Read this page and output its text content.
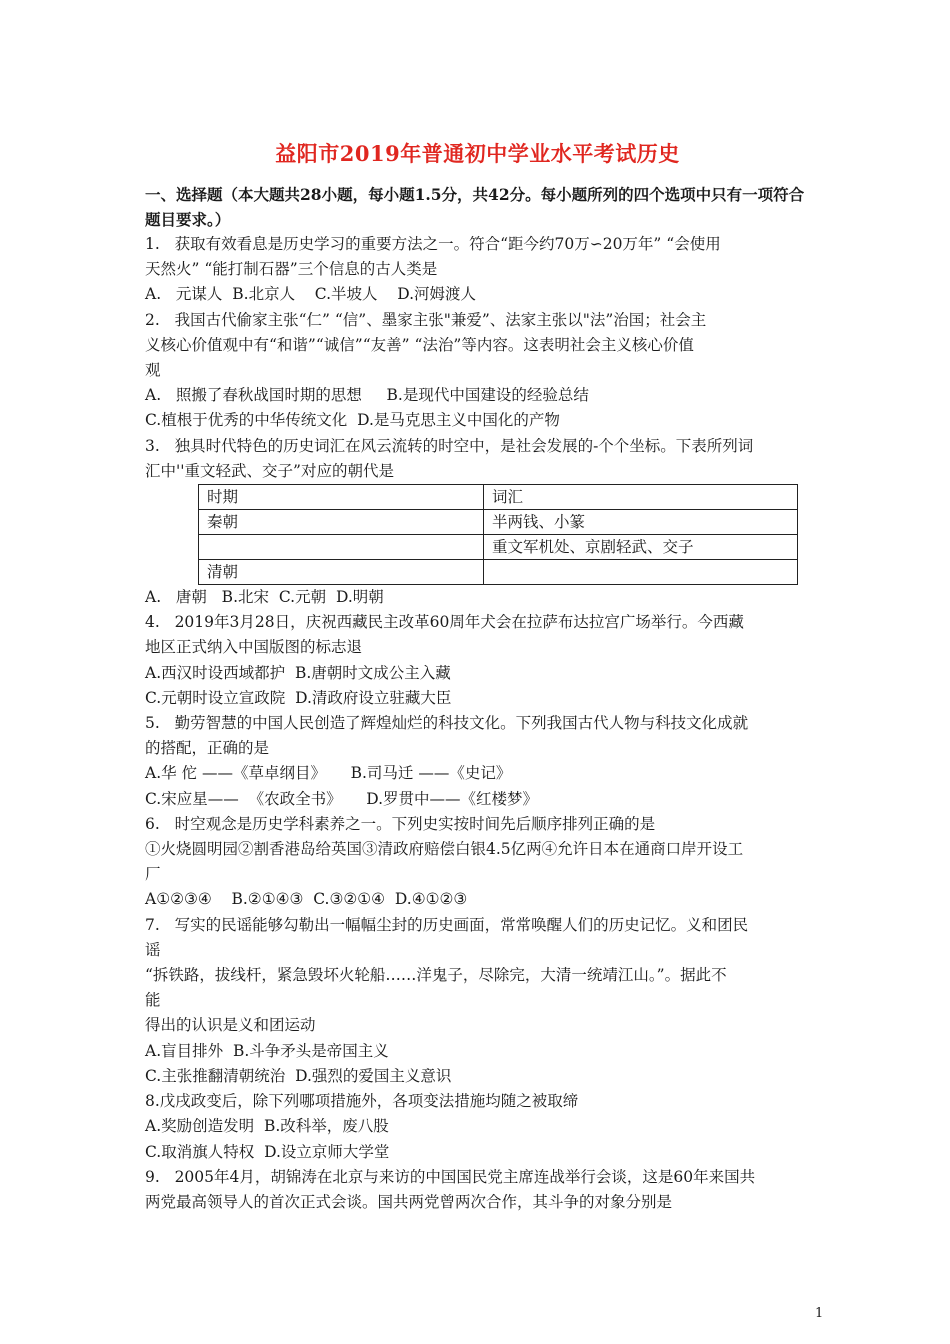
益阳市2019年普通初中学业水平考试历史
一、选择题（本大题共28小题，每小题1.5分，共42分。每小题所列的四个选项中只有一项符合题目要求。）
1.   获取有效看息是历史学习的重要方法之一。符合“距今约70万∽20万年” “会使用
天然火” “能打制石器”三个信息的古人类是
A.   元谋人  B.北京人    C.半坡人    D.河姆渡人
2.   我国古代偷家主张“仁” “信”、墨家主张"兼爱”、法家主张以"法”治国；社会主
义核心价值观中有“和谐”“诚信”“友善” “法治”等内容。这表明社会主义核心价值
观
A.   照搬了春秋战国时期的思想     B.是现代中国建设的经验总结
C.植根于优秀的中华传统文化  D.是马克思主义中国化的产物
3.   独具时代特色的历史词汇在风云流转的时空中，是社会发展的-个个坐标。下表所列词
汇中''重文轻武、交子”对应的朝代是
时期	词汇
秦朝	半两钱、小篆
	重文军机处、京剧轻武、交子
清朝	
A.   唐朝   B.北宋  C.元朝  D.明朝
4.   2019年3月28日，庆祝西藏民主改革60周年犬会在拉萨布达拉宫广场举行。今西藏
地区正式纳入中国版图的标志退
A.西汉时设西域都护  B.唐朝时文成公主入藏
C.元朝时设立宣政院  D.清政府设立驻藏大臣
5.   勤劳智慧的中国人民创造了辉煌灿烂的科技文化。下列我国古代人物与科技文化成就
的搭配，正确的是
A.华 佗 ——《草卓纲目》     B.司马迁 ——《史记》
C.宋应星——  《农政全书》     D.罗贯中——《红楼梦》
6.   时空观念是历史学科素养之一。下列史实按时间先后顺序排列正确的是
①火烧圆明园②割香港岛给英国③清政府赔偿白银4.5亿两④允许日本在通商口岸开设工
厂
A①②③④    B.②①④③  C.③②①④  D.④①②③
7.   写实的民谣能够勾勒出一幅幅尘封的历史画面，常常唤醒人们的历史记忆。义和团民
谣
“拆铁路，拔线杆，紧急毁坏火轮船……洋鬼子，尽除完，大清一统靖江山。”。据此不
能
得出的认识是义和团运动
A.盲目排外  B.斗争矛头是帝国主义
C.主张推翻清朝统治  D.强烈的爱国主义意识
8.戊戌政变后，除下列哪项措施外，各项变法措施均随之被取缔
A.奖励创造发明  B.改科举，废八股
C.取消旗人特权  D.设立京师大学堂
9.   2005年4月，胡锦涛在北京与来访的中国国民党主席连战举行会谈，这是60年来国共
两党最高领导人的首次正式会谈。国共两党曾两次合作，其斗争的对象分别是
1
